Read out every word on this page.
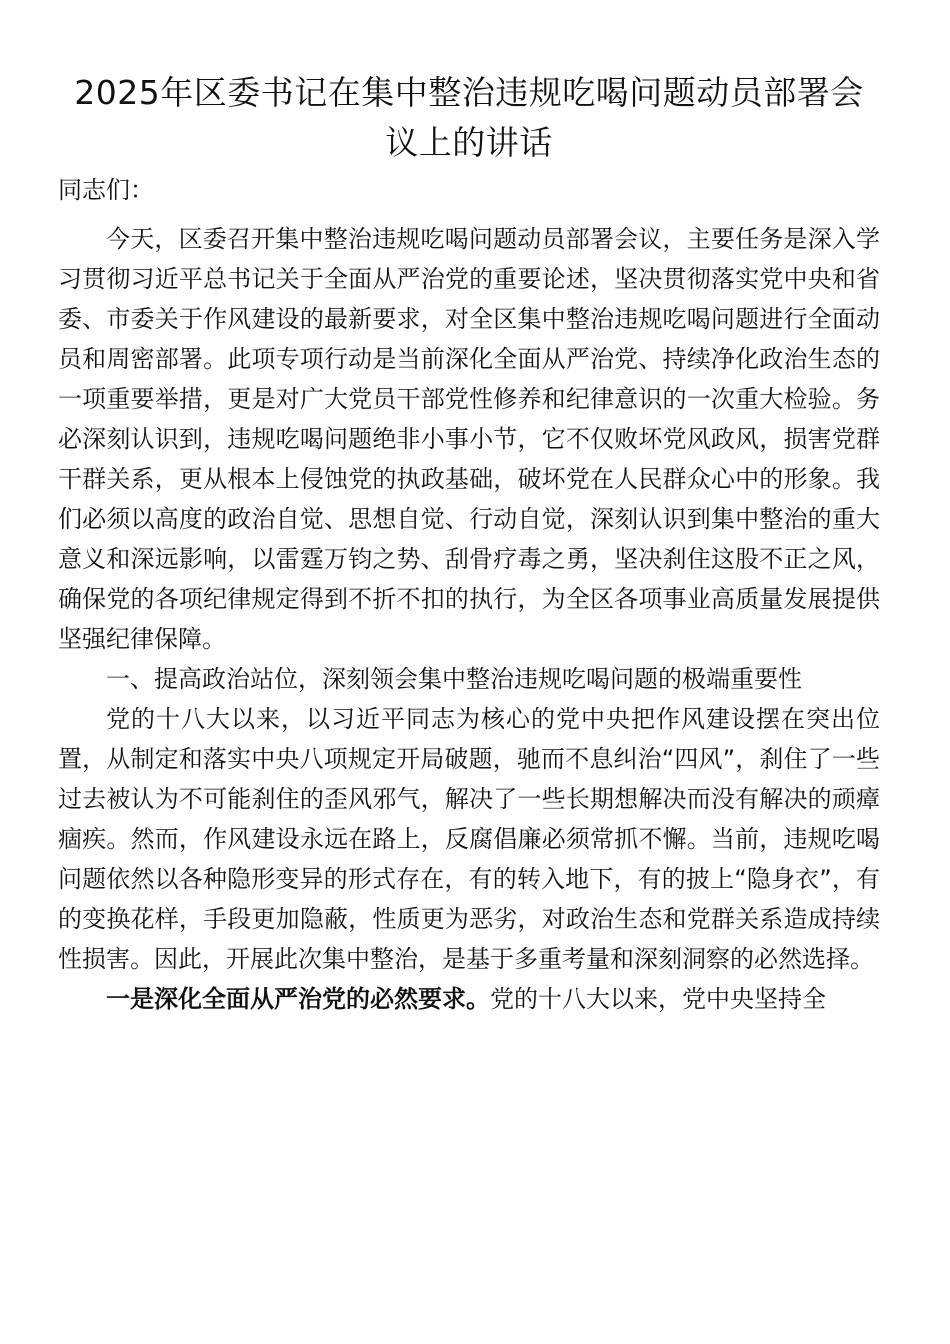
2025年区委书记在集中整治违规吃喝问题动员部署会议上的讲话

同志们：

今天，区委召开集中整治违规吃喝问题动员部署会议，主要任务是深入学习贯彻习近平总书记关于全面从严治党的重要论述，坚决贯彻落实党中央和省委、市委关于作风建设的最新要求，对全区集中整治违规吃喝问题进行全面动员和周密部署。此项专项行动是当前深化全面从严治党、持续净化政治生态的一项重要举措，更是对广大党员干部党性修养和纪律意识的一次重大检验。务必深刻认识到，违规吃喝问题绝非小事小节，它不仅败坏党风政风，损害党群干群关系，更从根本上侵蚀党的执政基础，破坏党在人民群众心中的形象。我们必须以高度的政治自觉、思想自觉、行动自觉，深刻认识到集中整治的重大意义和深远影响，以雷霆万钧之势、刮骨疗毒之勇，坚决刹住这股不正之风，确保党的各项纪律规定得到不折不扣的执行，为全区各项事业高质量发展提供坚强纪律保障。

一、提高政治站位，深刻领会集中整治违规吃喝问题的极端重要性

党的十八大以来，以习近平同志为核心的党中央把作风建设摆在突出位置，从制定和落实中央八项规定开局破题，驰而不息纠治“四风”，刹住了一些过去被认为不可能刹住的歪风邪气，解决了一些长期想解决而没有解决的顽瘴痼疾。然而，作风建设永远在路上，反腐倡廉必须常抓不懈。当前，违规吃喝问题依然以各种隐形变异的形式存在，有的转入地下，有的披上“隐身衣”，有的变换花样，手段更加隐蔽，性质更为恶劣，对政治生态和党群关系造成持续性损害。因此，开展此次集中整治，是基于多重考量和深刻洞察的必然选择。

一是深化全面从严治党的必然要求。党的十八大以来，党中央坚持全
